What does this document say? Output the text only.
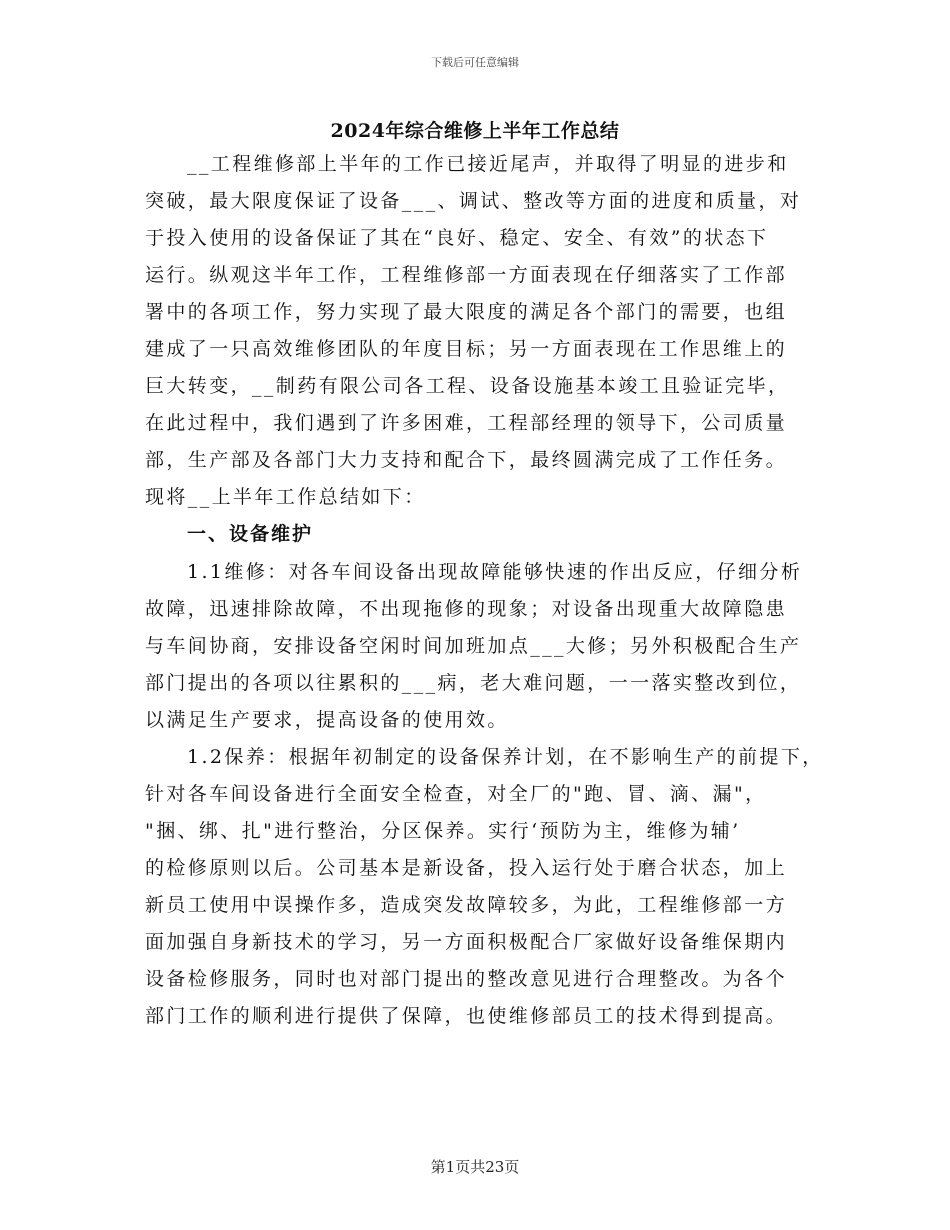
下载后可任意编辑
2024年综合维修上半年工作总结
__工程维修部上半年的工作已接近尾声，并取得了明显的进步和
突破，最大限度保证了设备___、调试、整改等方面的进度和质量，对
于投入使用的设备保证了其在“良好、稳定、安全、有效”的状态下
运行。纵观这半年工作，工程维修部一方面表现在仔细落实了工作部
署中的各项工作，努力实现了最大限度的满足各个部门的需要，也组
建成了一只高效维修团队的年度目标；另一方面表现在工作思维上的
巨大转变，__制药有限公司各工程、设备设施基本竣工且验证完毕，
在此过程中，我们遇到了许多困难，工程部经理的领导下，公司质量
部，生产部及各部门大力支持和配合下，最终圆满完成了工作任务。
现将__上半年工作总结如下：
一、设备维护
1.1维修：对各车间设备出现故障能够快速的作出反应，仔细分析
故障，迅速排除故障，不出现拖修的现象；对设备出现重大故障隐患
与车间协商，安排设备空闲时间加班加点___大修；另外积极配合生产
部门提出的各项以往累积的___病，老大难问题，一一落实整改到位，
以满足生产要求，提高设备的使用效。
1.2保养：根据年初制定的设备保养计划，在不影响生产的前提下，
针对各车间设备进行全面安全检查，对全厂的"跑、冒、滴、漏"，
"捆、绑、扎"进行整治，分区保养。实行‘预防为主，维修为辅’
的检修原则以后。公司基本是新设备，投入运行处于磨合状态，加上
新员工使用中误操作多，造成突发故障较多，为此，工程维修部一方
面加强自身新技术的学习，另一方面积极配合厂家做好设备维保期内
设备检修服务，同时也对部门提出的整改意见进行合理整改。为各个
部门工作的顺利进行提供了保障，也使维修部员工的技术得到提高。
第1页共23页
